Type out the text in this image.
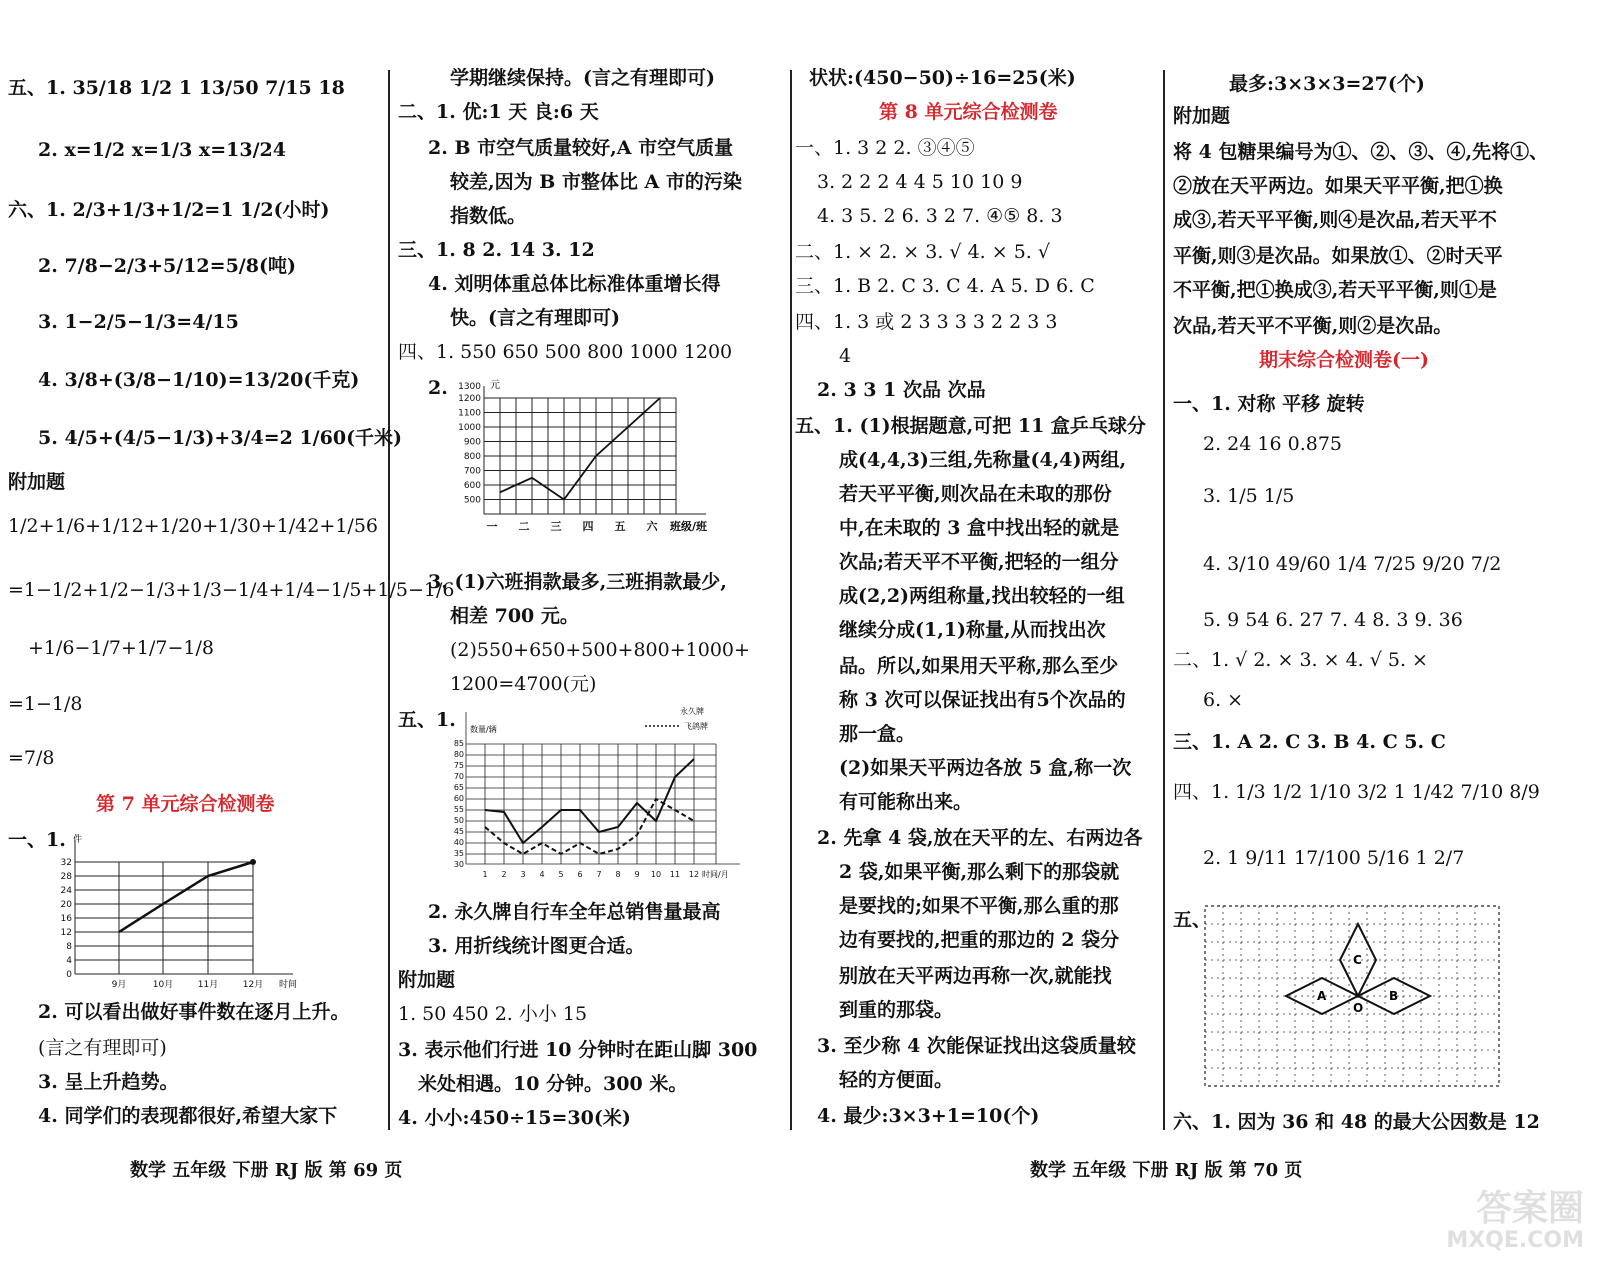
五、1. 35/18 1/2 1 13/50 7/15 18
2. x=1/2 x=1/3 x=13/24
六、1. 2/3+1/3+1/2=1 1/2(小时)
2. 7/8−2/3+5/12=5/8(吨)
3. 1−2/5−1/3=4/15
4. 3/8+(3/8−1/10)=13/20(千克)
5. 4/5+(4/5−1/3)+3/4=2 1/60(千米)
附加题
1/2+1/6+1/12+1/20+1/30+1/42+1/56
=1−1/2+1/2−1/3+1/3−1/4+1/4−1/5+1/5−1/6
+1/6−1/7+1/7−1/8
=1−1/8
=7/8
第 7 单元综合检测卷
一、1.
0
4
8
12
16
20
24
28
32
件
9月	10月	11月	12月 时间
2. 可以看出做好事件数在逐月上升。
(言之有理即可)
3. 呈上升趋势。
4. 同学们的表现都很好,希望大家下
学期继续保持。(言之有理即可)
二、1. 优:1 天 良:6 天
2. B 市空气质量较好,A 市空气质量
较差,因为 B 市整体比 A 市的污染
指数低。
三、1. 8 2. 14 3. 12
4. 刘明体重总体比标准体重增长得
快。(言之有理即可)
四、1. 550 650 500 800 1000 1200
2.
500
600
700
800
900
1000
1100
1200
1300 元
一 二 三 四 五 六 班级/班
3. (1)六班捐款最多,三班捐款最少,
相差 700 元。
(2)550+650+500+800+1000+
1200=4700(元)
五、1.
30
35
40
45
50
55
60
65
70
75
80
85
数量/辆
永久牌
飞鸽牌
1 2 3 4 5 6 7 8 9 10 11 12 时间/月
2. 永久牌自行车全年总销售量最高
3. 用折线统计图更合适。
附加题
1. 50 450 2. 小小 15
3. 表示他们行进 10 分钟时在距山脚 300
米处相遇。10 分钟。300 米。
4. 小小:450÷15=30(米)
状状:(450−50)÷16=25(米)
第 8 单元综合检测卷
一、1. 3 2 2. ③④⑤
3. 2 2 2 4 4 5 10 10 9
4. 3 5. 2 6. 3 2 7. ④⑤ 8. 3
二、1. × 2. × 3. √ 4. × 5. √
三、1. B 2. C 3. C 4. A 5. D 6. C
四、1. 3 或 2 3 3 3 3 2 2 3 3
4
2. 3 3 1 次品 次品
五、1. (1)根据题意,可把 11 盒乒乓球分
成(4,4,3)三组,先称量(4,4)两组,
若天平平衡,则次品在未取的那份
中,在未取的 3 盒中找出轻的就是
次品;若天平不平衡,把轻的一组分
成(2,2)两组称量,找出较轻的一组
继续分成(1,1)称量,从而找出次
品。所以,如果用天平称,那么至少
称 3 次可以保证找出有5个次品的
那一盒。
(2)如果天平两边各放 5 盒,称一次
有可能称出来。
2. 先拿 4 袋,放在天平的左、右两边各
2 袋,如果平衡,那么剩下的那袋就
是要找的;如果不平衡,那么重的那
边有要找的,把重的那边的 2 袋分
别放在天平两边再称一次,就能找
到重的那袋。
3. 至少称 4 次能保证找出这袋质量较
轻的方便面。
4. 最少:3×3+1=10(个)
最多:3×3×3=27(个)
附加题
将 4 包糖果编号为①、②、③、④,先将①、
②放在天平两边。如果天平平衡,把①换
成③,若天平平衡,则④是次品,若天平不
平衡,则③是次品。如果放①、②时天平
不平衡,把①换成③,若天平平衡,则①是
次品,若天平不平衡,则②是次品。
期末综合检测卷(一)
一、1. 对称 平移 旋转
2. 24 16 0.875
3. 1/5 1/5
4. 3/10 49/60 1/4 7/25 9/20 7/2
5. 9 54 6. 27 7. 4 8. 3 9. 36
二、1. √ 2. × 3. × 4. √ 5. ×
6. ×
三、1. A 2. C 3. B 4. C 5. C
四、1. 1/3 1/2 1/10 3/2 1 1/42 7/10 8/9
2. 1 9/11 17/100 5/16 1 2/7
五、
C
O
A	B
六、1. 因为 36 和 48 的最大公因数是 12
数学 五年级 下册 RJ 版 第 69 页	数学 五年级 下册 RJ 版 第 70 页
答案圈
MXQE.COM
